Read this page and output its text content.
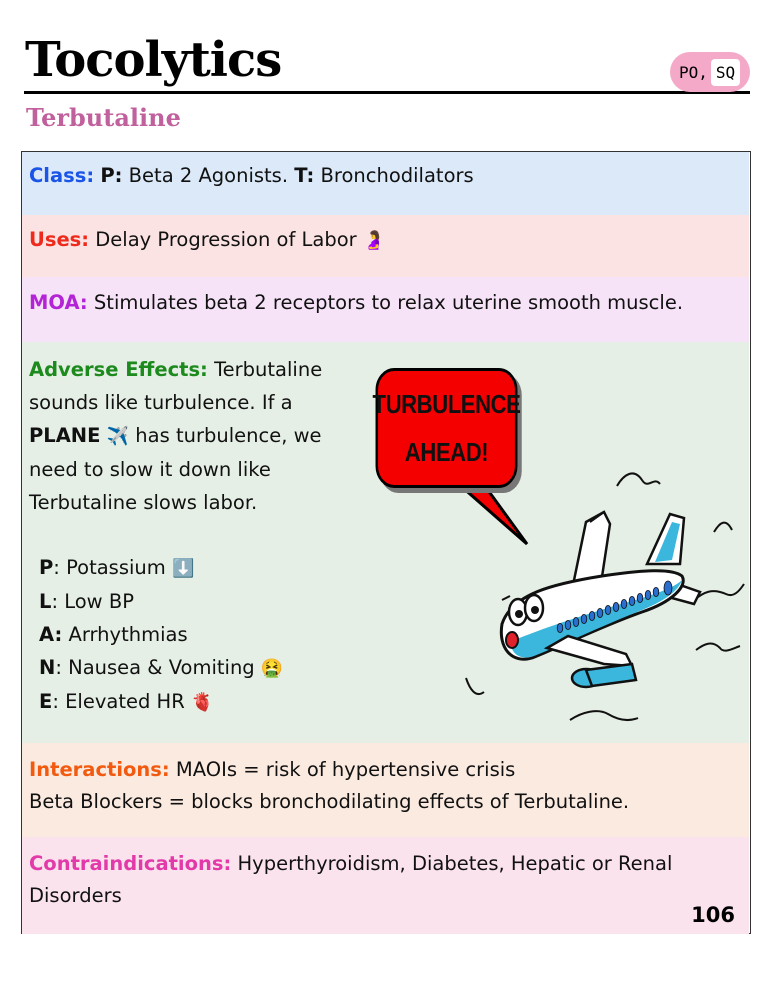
Tocolytics	PO, SQ
Terbutaline
Class: P: Beta 2 Agonists. T: Bronchodilators
Uses: Delay Progression of Labor 🤰
MOA: Stimulates beta 2 receptors to relax uterine smooth muscle.
Adverse Effects: Terbutaline sounds like turbulence. If a PLANE ✈️ has turbulence, we need to slow it down like Terbutaline slows labor.
P: Potassium ⬇️
L: Low BP
A: Arrhythmias
N: Nausea & Vomiting 🤮
E: Elevated HR 🫀
TURBULENCE
AHEAD!
Interactions: MAOIs = risk of hypertensive crisis
Beta Blockers = blocks bronchodilating effects of Terbutaline.
Contraindications: Hyperthyroidism, Diabetes, Hepatic or Renal Disorders
106
